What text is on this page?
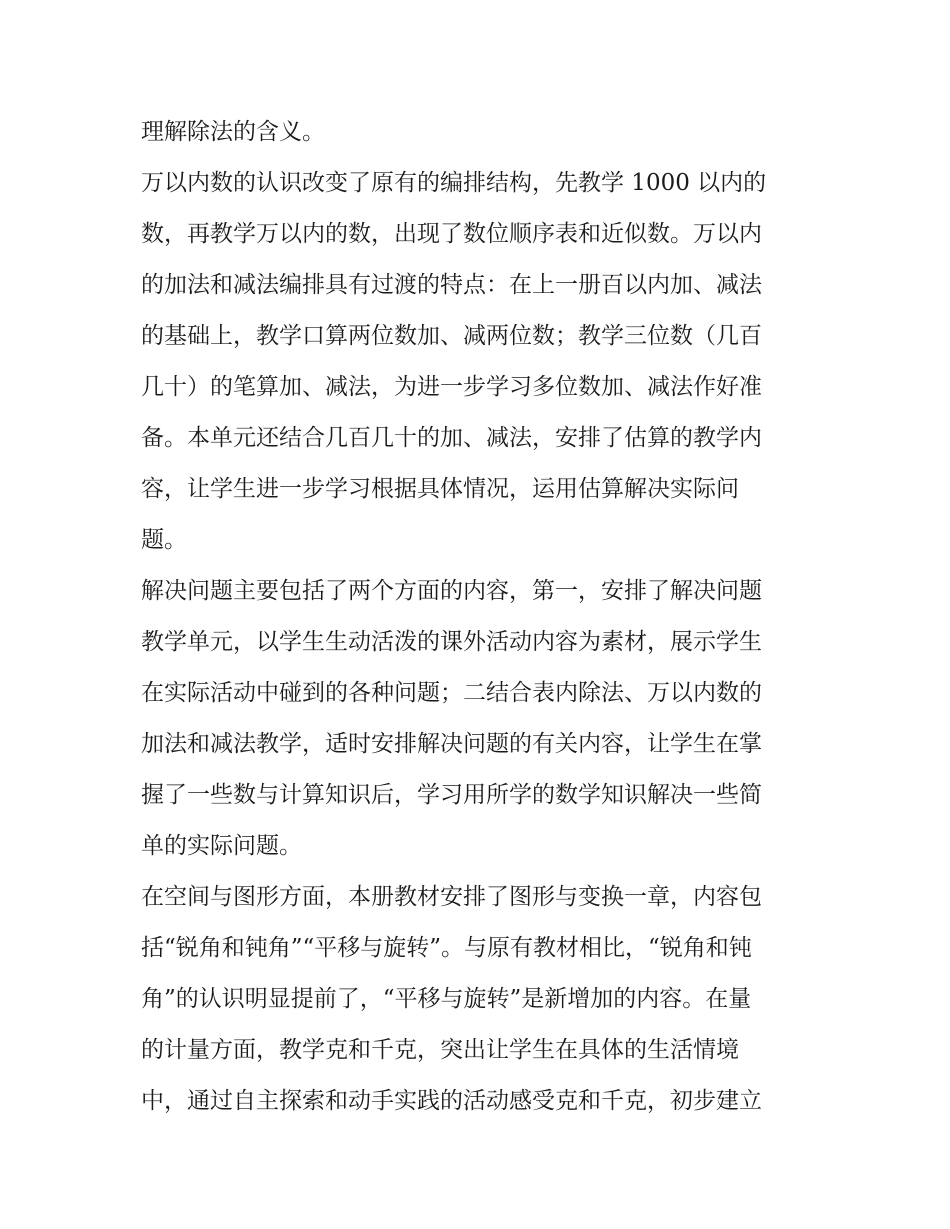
理解除法的含义。
万以内数的认识改变了原有的编排结构，先教学 1000 以内的
数，再教学万以内的数，出现了数位顺序表和近似数。万以内
的加法和减法编排具有过渡的特点：在上一册百以内加、减法
的基础上，教学口算两位数加、减两位数；教学三位数（几百
几十）的笔算加、减法，为进一步学习多位数加、减法作好准
备。本单元还结合几百几十的加、减法，安排了估算的教学内
容，让学生进一步学习根据具体情况，运用估算解决实际问
题。
解决问题主要包括了两个方面的内容，第一，安排了解决问题
教学单元，以学生生动活泼的课外活动内容为素材，展示学生
在实际活动中碰到的各种问题；二结合表内除法、万以内数的
加法和减法教学，适时安排解决问题的有关内容，让学生在掌
握了一些数与计算知识后，学习用所学的数学知识解决一些简
单的实际问题。
在空间与图形方面，本册教材安排了图形与变换一章，内容包
括“锐角和钝角”“平移与旋转”。与原有教材相比，“锐角和钝
角”的认识明显提前了，“平移与旋转”是新增加的内容。在量
的计量方面，教学克和千克，突出让学生在具体的生活情境
中，通过自主探索和动手实践的活动感受克和千克，初步建立
